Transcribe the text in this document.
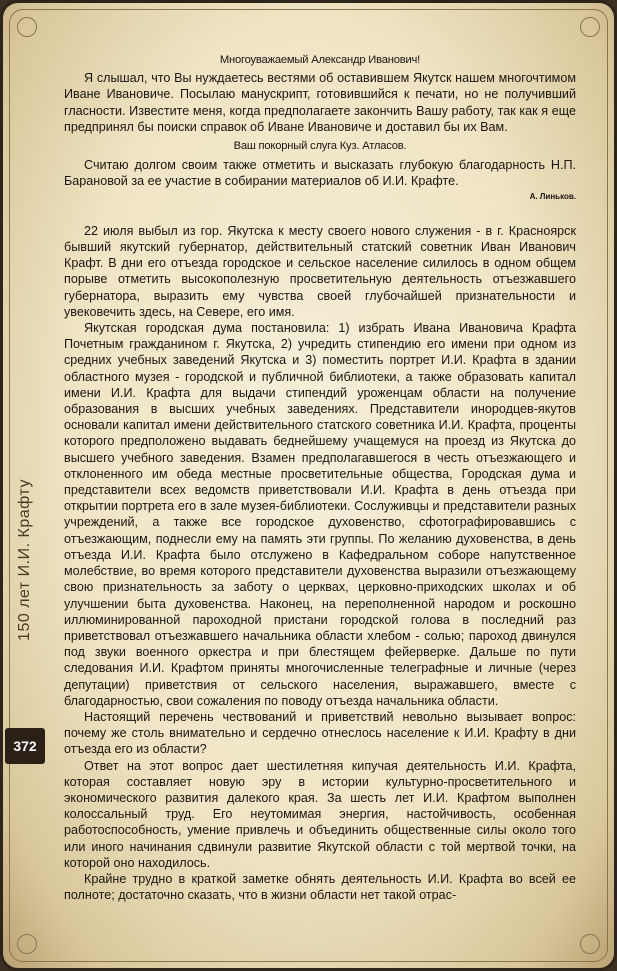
Многоуважаемый Александр Иванович!

Я слышал, что Вы нуждаетесь вестями об оставившем Якутск нашем многочтимом Иване Ивановиче. Посылаю манускрипт, готовившийся к печати, но не получивший гласности. Известите меня, когда предполагаете закончить Вашу работу, так как я еще предпринял бы поиски справок об Иване Ивановиче и доставил бы их Вам.

Ваш покорный слуга Куз. Атласов.

Считаю долгом своим также отметить и высказать глубокую благодарность Н.П. Барановой за ее участие в собирании материалов об И.И. Крафте.

А. Линьков.

22 июля выбыл из гор. Якутска к месту своего нового служения - в г. Красноярск бывший якутский губернатор, действительный статский советник Иван Иванович Крафт. В дни его отъезда городское и сельское население силилось в одном общем порыве отметить высокополезную просветительную деятельность отъезжавшего губернатора, выразить ему чувства своей глубочайшей признательности и увековечить здесь, на Севере, его имя.

Якутская городская дума постановила: 1) избрать Ивана Ивановича Крафта Почетным гражданином г. Якутска, 2) учредить стипендию его имени при одном из средних учебных заведений Якутска и 3) поместить портрет И.И. Крафта в здании областного музея - городской и публичной библиотеки, а также образовать капитал имени И.И. Крафта для выдачи стипендий уроженцам области на получение образования в высших учебных заведениях. Представители инородцев-якутов основали капитал имени действительного статского советника И.И. Крафта, проценты которого предположено выдавать беднейшему учащемуся на проезд из Якутска до высшего учебного заведения. Взамен предполагавшегося в честь отъезжающего и отклоненного им обеда местные просветительные общества, Городская дума и представители всех ведомств приветствовали И.И. Крафта в день отъезда при открытии портрета его в зале музея-библиотеки. Сослуживцы и представители разных учреждений, а также все городское духовенство, сфотографировавшись с отъезжающим, поднесли ему на память эти группы. По желанию духовенства, в день отъезда И.И. Крафта было отслужено в Кафедральном соборе напутственное молебствие, во время которого представители духовенства выразили отъезжающему свою признательность за заботу о церквах, церковно-приходских школах и об улучшении быта духовенства. Наконец, на переполненной народом и роскошно иллюминированной пароходной пристани городской голова в последний раз приветствовал отъезжавшего начальника области хлебом - солью; пароход двинулся под звуки военного оркестра и при блестящем фейерверке. Дальше по пути следования И.И. Крафтом приняты многочисленные телеграфные и личные (через депутации) приветствия от сельского населения, выражавшего, вместе с благодарностью, свои сожаления по поводу отъезда начальника области.

Настоящий перечень чествований и приветствий невольно вызывает вопрос: почему же столь внимательно и сердечно отнеслось население к И.И. Крафту в дни отъезда его из области?

Ответ на этот вопрос дает шестилетняя кипучая деятельность И.И. Крафта, которая составляет новую эру в истории культурно-просветительного и экономического развития далекого края. За шесть лет И.И. Крафтом выполнен колоссальный труд. Его неутомимая энергия, настойчивость, особенная работоспособность, умение привлечь и объединить общественные силы около того или иного начинания сдвинули развитие Якутской области с той мертвой точки, на которой оно находилось.

Крайне трудно в краткой заметке обнять деятельность И.И. Крафта во всей ее полноте; достаточно сказать, что в жизни области нет такой отрас-

150 лет И.И. Крафту
372
